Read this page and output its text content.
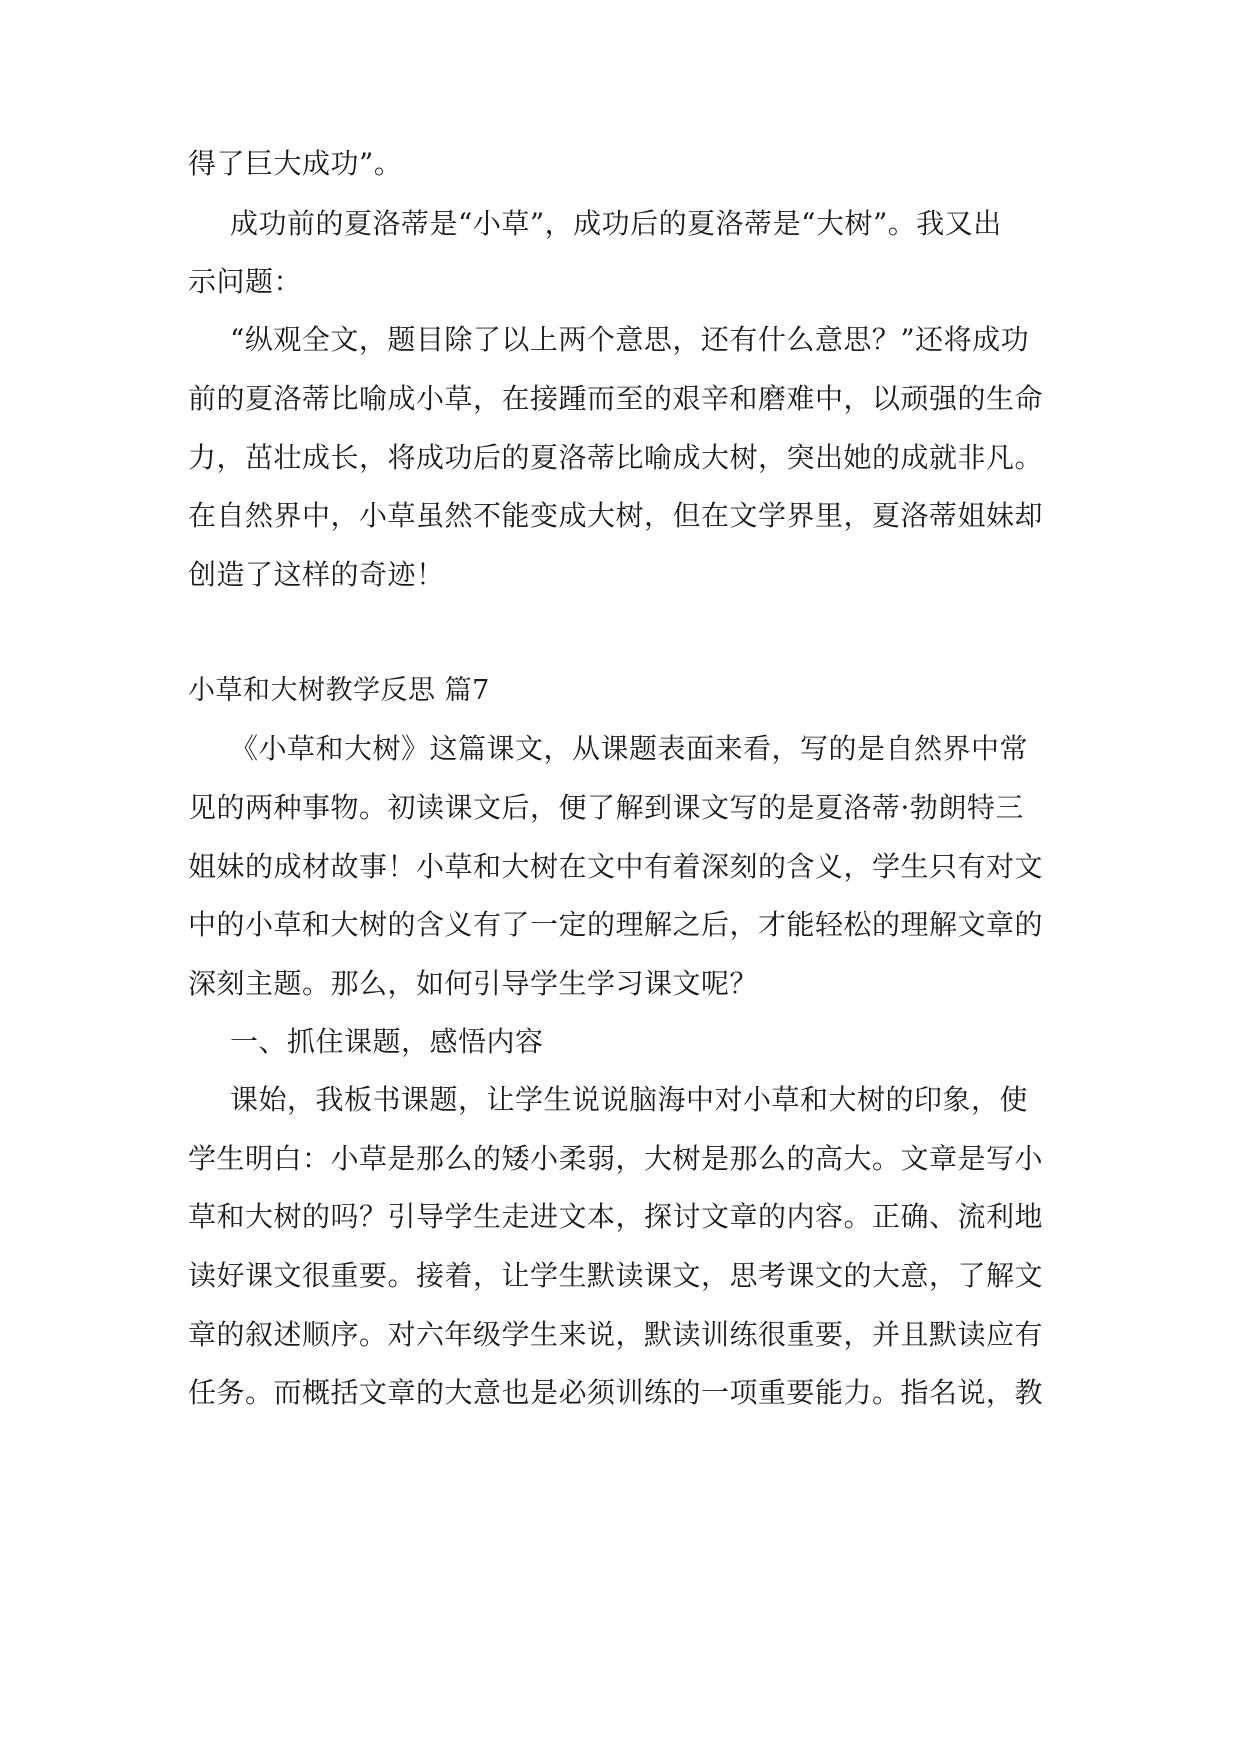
得了巨大成功”。
成功前的夏洛蒂是“小草”，成功后的夏洛蒂是“大树”。我又出
示问题：
“纵观全文，题目除了以上两个意思，还有什么意思？”还将成功
前的夏洛蒂比喻成小草，在接踵而至的艰辛和磨难中，以顽强的生命
力，茁壮成长，将成功后的夏洛蒂比喻成大树，突出她的成就非凡。
在自然界中，小草虽然不能变成大树，但在文学界里，夏洛蒂姐妹却
创造了这样的奇迹！
小草和大树教学反思 篇7
《小草和大树》这篇课文，从课题表面来看，写的是自然界中常
见的两种事物。初读课文后，便了解到课文写的是夏洛蒂·勃朗特三
姐妹的成材故事！小草和大树在文中有着深刻的含义，学生只有对文
中的小草和大树的含义有了一定的理解之后，才能轻松的理解文章的
深刻主题。那么，如何引导学生学习课文呢？
一、抓住课题，感悟内容
课始，我板书课题，让学生说说脑海中对小草和大树的印象，使
学生明白：小草是那么的矮小柔弱，大树是那么的高大。文章是写小
草和大树的吗？引导学生走进文本，探讨文章的内容。正确、流利地
读好课文很重要。接着，让学生默读课文，思考课文的大意，了解文
章的叙述顺序。对六年级学生来说，默读训练很重要，并且默读应有
任务。而概括文章的大意也是必须训练的一项重要能力。指名说，教
